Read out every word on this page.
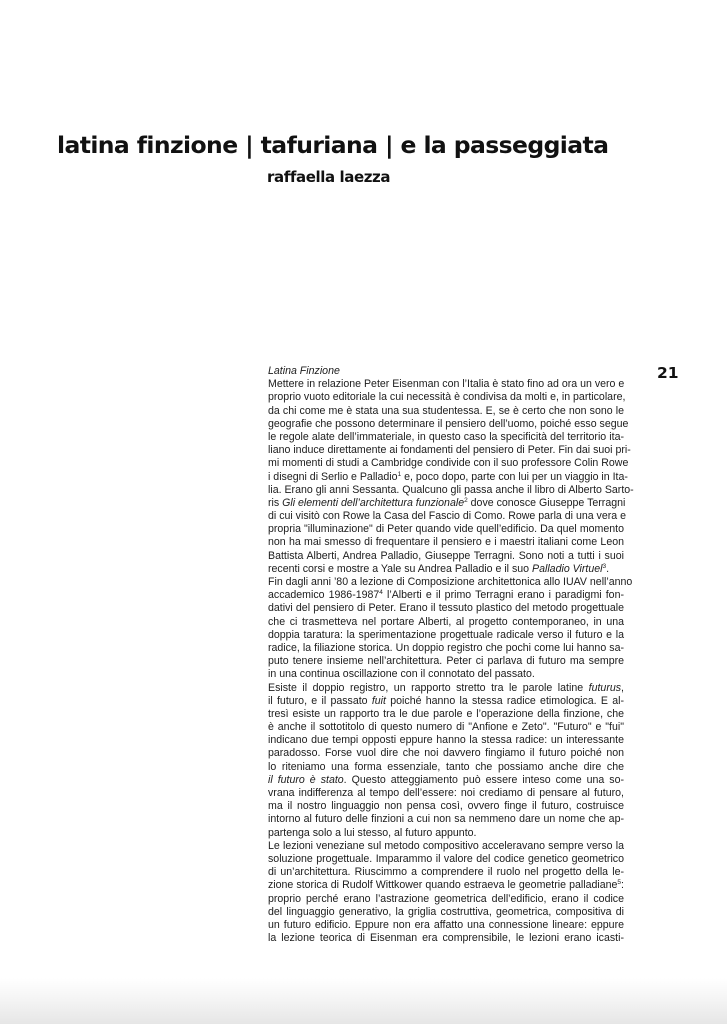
latina finzione | tafuriana | e la passeggiata
raffaella laezza
21
Latina Finzione
Mettere in relazione Peter Eisenman con l’Italia è stato fino ad ora un vero e
proprio vuoto editoriale la cui necessità è condivisa da molti e, in particolare,
da chi come me è stata una sua studentessa. E, se è certo che non sono le
geografie che possono determinare il pensiero dell’uomo, poiché esso segue
le regole alate dell’immateriale, in questo caso la specificità del territorio ita-
liano induce direttamente ai fondamenti del pensiero di Peter. Fin dai suoi pri-
mi momenti di studi a Cambridge condivide con il suo professore Colin Rowe
i disegni di Serlio e Palladio$^1$ e, poco dopo, parte con lui per un viaggio in Ita-
lia. Erano gli anni Sessanta. Qualcuno gli passa anche il libro di Alberto Sarto-
ris Gli elementi dell’architettura funzionale$^2$ dove conosce Giuseppe Terragni
di cui visitò con Rowe la Casa del Fascio di Como. Rowe parla di una vera e
propria "illuminazione" di Peter quando vide quell’edificio. Da quel momento
non ha mai smesso di frequentare il pensiero e i maestri italiani come Leon
Battista Alberti, Andrea Palladio, Giuseppe Terragni. Sono noti a tutti i suoi
recenti corsi e mostre a Yale su Andrea Palladio e il suo Palladio Virtuel$^3$.
Fin dagli anni ’80 a lezione di Composizione architettonica allo IUAV nell’anno
accademico 1986-1987$^4$ l’Alberti e il primo Terragni erano i paradigmi fon-
dativi del pensiero di Peter. Erano il tessuto plastico del metodo progettuale
che ci trasmetteva nel portare Alberti, al progetto contemporaneo, in una
doppia taratura: la sperimentazione progettuale radicale verso il futuro e la
radice, la filiazione storica. Un doppio registro che pochi come lui hanno sa-
puto tenere insieme nell’architettura. Peter ci parlava di futuro ma sempre
in una continua oscillazione con il connotato del passato.
Esiste il doppio registro, un rapporto stretto tra le parole latine futurus,
il futuro, e il passato fuit poiché hanno la stessa radice etimologica. E al-
tresì esiste un rapporto tra le due parole e l’operazione della finzione, che
è anche il sottotitolo di questo numero di "Anfione e Zeto". "Futuro" e "fui"
indicano due tempi opposti eppure hanno la stessa radice: un interessante
paradosso. Forse vuol dire che noi davvero fingiamo il futuro poiché non
lo riteniamo una forma essenziale, tanto che possiamo anche dire che
il futuro è stato. Questo atteggiamento può essere inteso come una so-
vrana indifferenza al tempo dell’essere: noi crediamo di pensare al futuro,
ma il nostro linguaggio non pensa così, ovvero finge il futuro, costruisce
intorno al futuro delle finzioni a cui non sa nemmeno dare un nome che ap-
partenga solo a lui stesso, al futuro appunto.
Le lezioni veneziane sul metodo compositivo acceleravano sempre verso la
soluzione progettuale. Imparammo il valore del codice genetico geometrico
di un’architettura. Riuscimmo a comprendere il ruolo nel progetto della le-
zione storica di Rudolf Wittkower quando estraeva le geometrie palladiane$^5$:
proprio perché erano l’astrazione geometrica dell’edificio, erano il codice
del linguaggio generativo, la griglia costruttiva, geometrica, compositiva di
un futuro edificio. Eppure non era affatto una connessione lineare: eppure
la lezione teorica di Eisenman era comprensibile, le lezioni erano icasti-
